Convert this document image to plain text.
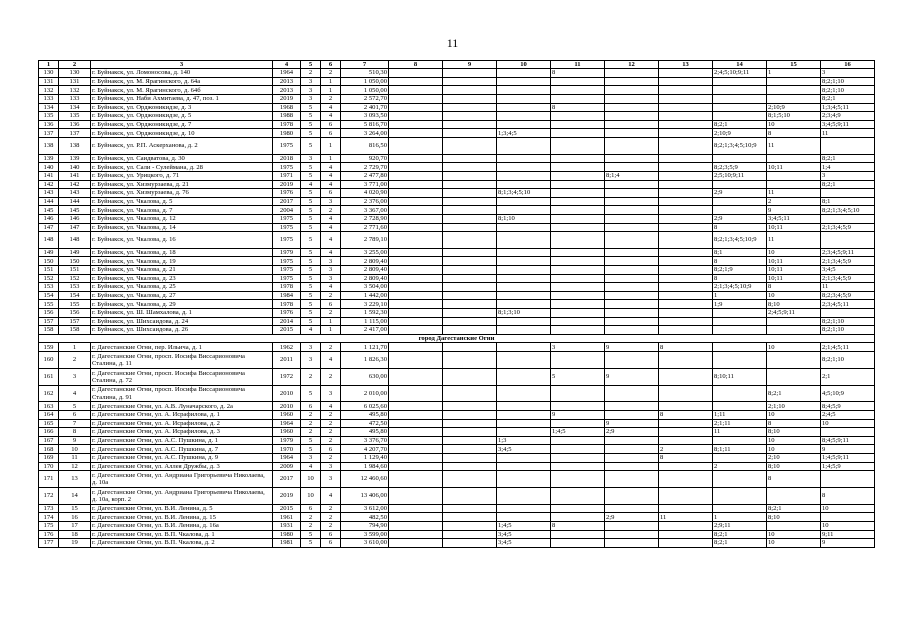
11
1	2	3	4	5	6	7	8	9	10	11	12	13	14	15	16
130	130	г. Буйнакск, ул. Ломоносова, д. 140	1964	2	2	510,30				8			2;4;5;10;9;11	1	3
131	131	г. Буйнакск, ул. М. Ярагинского, д. 64а	2013	3	1	1 050,00									8;2;1;10
132	132	г. Буйнакск, ул. М. Ярагинского, д. 64б	2013	3	1	1 050,00									8;2;1;10
133	133	г. Буйнакск, ул. Наби Ахмитаева, д. 47, поз. 1	2019	3	2	2 572,70									8;2;1
134	134	г. Буйнакск, ул. Орджоникидзе, д. 3	1968	5	4	2 401,70				8				2;10;9	1;3;4;5;11
135	135	г. Буйнакск, ул. Орджоникидзе, д. 5	1988	5	4	3 093,50								8;1;5;10	2;3;4;9
136	136	г. Буйнакск, ул. Орджоникидзе, д. 7	1978	5	6	5 816,70							8;2;1	10	3;4;5;9;11
137	137	г. Буйнакск, ул. Орджоникидзе, д. 10	1980	5	6	3 264,00			1;3;4;5				2;10;9	8	11
138	138	г. Буйнакск, ул. Р.П. Аскерханова, д. 2	1975	5	1	816,50							8;2;1;3;4;5;10;9	11	
139	139	г. Буйнакск, ул. Саидватова, д. 30	2018	3	1	920,70									8;2;1
140	140	г. Буйнакск, ул. Сали - Сулеймана, д. 28	1975	5	4	2 729,70							8;2;3;5;9	10;11	1;4
141	141	г. Буйнакск, ул. Урицкого, д. 71	1971	5	4	2 477,80					8;1;4		2;5;10;9;11		3
142	142	г. Буйнакск, ул. Хизмурзаева, д. 21	2019	4	4	3 771,00									8;2;1
143	143	г. Буйнакск, ул. Хизмурзаева, д. 76	1976	5	6	4 020,90			8;1;3;4;5;10				2;9	11	
144	144	г. Буйнакск, ул. Чкалова, д. 5	2017	5	3	2 376,00								2	8;1
145	145	г. Буйнакск, ул. Чкалова, д. 7	2004	5	2	3 367,00								9	8;2;1;3;4;5;10
146	146	г. Буйнакск, ул. Чкалова, д. 12	1975	5	4	2 728,90			8;1;10				2;9	3;4;5;11	
147	147	г. Буйнакск, ул. Чкалова, д. 14	1975	5	4	2 771,60							8	10;11	2;1;3;4;5;9
148	148	г. Буйнакск, ул. Чкалова, д. 16	1975	5	4	2 789,10							8;2;1;3;4;5;10;9	11	
149	149	г. Буйнакск, ул. Чкалова, д. 18	1979	5	4	3 255,00							8;1	10	2;3;4;5;9;11
150	150	г. Буйнакск, ул. Чкалова, д. 19	1975	5	3	2 809,40							8	10;11	2;1;3;4;5;9
151	151	г. Буйнакск, ул. Чкалова, д. 21	1975	5	3	2 809,40							8;2;1;9	10;11	3;4;5
152	152	г. Буйнакск, ул. Чкалова, д. 23	1975	5	3	2 809,40							8	10;11	2;1;3;4;5;9
153	153	г. Буйнакск, ул. Чкалова, д. 25	1978	5	4	3 504,00							2;1;3;4;5;10;9	8	11
154	154	г. Буйнакск, ул. Чкалова, д. 27	1984	5	2	1 442,00							1	10	8;2;3;4;5;9
155	155	г. Буйнакск, ул. Чкалова, д. 29	1978	5	6	3 229,10							1;9	8;10	2;3;4;5;11
156	156	г. Буйнакск, ул. Ш. Шамхалова, д. 1	1976	5	2	1 592,30			8;1;3;10					2;4;5;9;11	
157	157	г. Буйнакск, ул. Шихсаидова, д. 24	2014	5	1	1 115,00									8;2;1;10
158	158	г. Буйнакск, ул. Шихсаидова, д. 26	2015	4	1	2 417,00									8;2;1;10
город Дагестанские Огни															
159	1	г. Дагестанские Огни, пер. Ильича, д. 1	1962	3	2	1 121,70				3	9	8		10	2;1;4;5;11
160	2	г. Дагестанские Огни, просп. Иосифа Виссарионовича Сталина, д. 11	2011	3	4	1 826,30									8;2;1;10
161	3	г. Дагестанские Огни, просп. Иосифа Виссарионовича Сталина, д. 72	1972	2	2	630,00				5	9		8;10;11		2;1
162	4	г. Дагестанские Огни, просп. Иосифа Виссарионовича Сталина, д. 91	2010	5	3	2 010,00								8;2;1	4;5;10;9
163	5	г. Дагестанские Огни, ул. А.В. Луначарского, д. 2а	2010	6	4	6 025,60								2;1;10	8;4;5;9
164	6	г. Дагестанские Огни, ул. А. Исрафилова, д. 1	1960	2	2	495,80				9		8	1;11	10	2;4;5
165	7	г. Дагестанские Огни, ул. А. Исрафилова, д. 2	1964	2	2	472,50					9		2;1;11	8	10
166	8	г. Дагестанские Огни, ул. А. Исрафилова, д. 3	1960	2	2	495,80				1;4;5	2;9		11	8;10	
167	9	г. Дагестанские Огни, ул. А.С. Пушкина, д. 1	1979	5	2	3 376,70			1;3					10	8;4;5;9;11
168	10	г. Дагестанские Огни, ул. А.С. Пушкина, д. 7	1970	5	6	4 207,70			3;4;5			2	8;1;11	10	9
169	11	г. Дагестанские Огни, ул. А.С. Пушкина, д. 9	1964	3	2	1 129,40						8		2;10	1;4;5;9;11
170	12	г. Дагестанские Огни, ул. Аллея Дружбы, д. 3	2009	4	3	1 984,60							2	8;10	1;4;5;9
171	13	г. Дагестанские Огни, ул. Андриана Григорьевича Николаева, д. 10а	2017	10	3	12 460,60								8	
172	14	г. Дагестанские Огни, ул. Андриана Григорьевича Николаева, д. 10а, корп. 2	2019	10	4	13 406,00									8
173	15	г. Дагестанские Огни, ул. В.И. Ленина, д. 5	2015	6	2	3 612,00								8;2;1	10
174	16	г. Дагестанские Огни, ул. В.И. Ленина, д. 15	1961	2	2	482,50					2;9	11	1	8;10	
175	17	г. Дагестанские Огни, ул. В.И. Ленина, д. 16а	1931	2	2	794,90			1;4;5	8			2;9;11		10
176	18	г. Дагестанские Огни, ул. В.П. Чкалова, д. 1	1980	5	6	3 599,00			3;4;5				8;2;1	10	9;11
177	19	г. Дагестанские Огни, ул. В.П. Чкалова, д. 2	1981	5	6	3 610,00			3;4;5				8;2;1	10	9
